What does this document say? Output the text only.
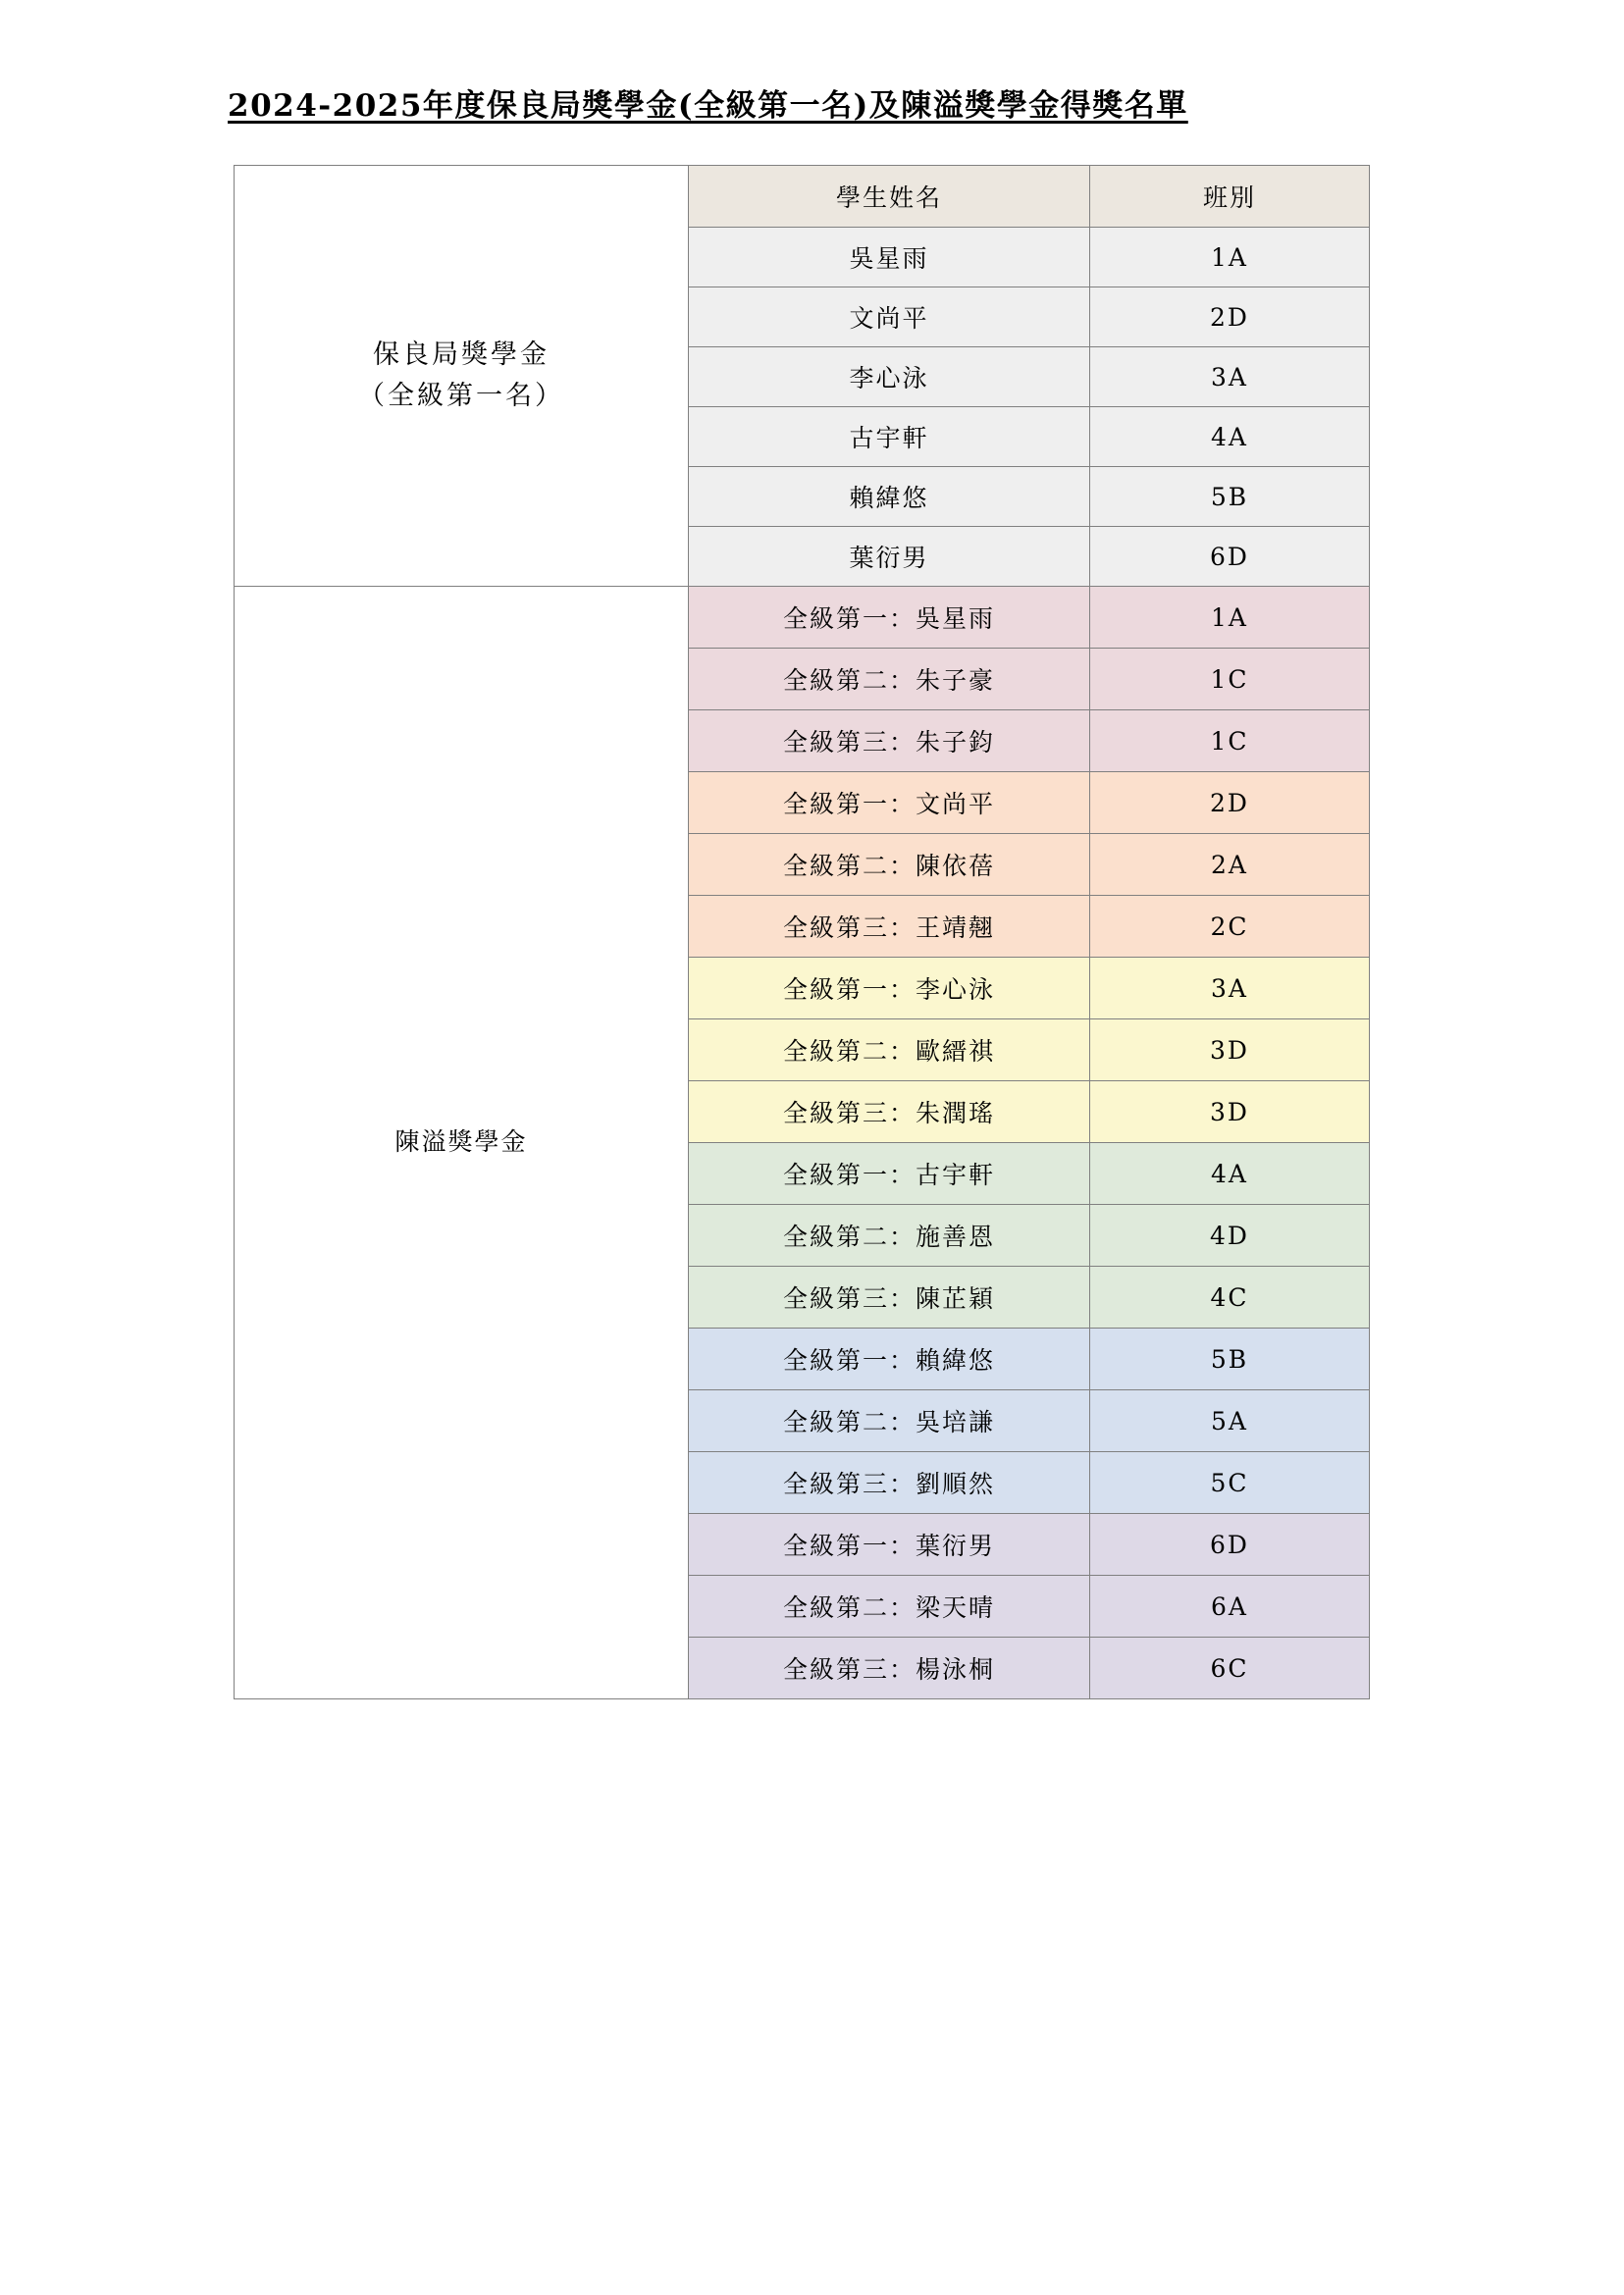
2024-2025年度保良局獎學金(全級第一名)及陳溢獎學金得獎名單
保良局獎學金
（全級第一名）	學生姓名	班別
	吳星雨	1A
	文尚平	2D
	李心泳	3A
	古宇軒	4A
	賴緯悠	5B
	葉衍男	6D
陳溢獎學金	全級第一：吳星雨	1A
	全級第二：朱子豪	1C
	全級第三：朱子鈞	1C
	全級第一：文尚平	2D
	全級第二：陳依蓓	2A
	全級第三：王靖翹	2C
	全級第一：李心泳	3A
	全級第二：歐縉祺	3D
	全級第三：朱潤瑤	3D
	全級第一：古宇軒	4A
	全級第二：施善恩	4D
	全級第三：陳芷穎	4C
	全級第一：賴緯悠	5B
	全級第二：吳培謙	5A
	全級第三：劉順然	5C
	全級第一：葉衍男	6D
	全級第二：梁天晴	6A
	全級第三：楊泳桐	6C
